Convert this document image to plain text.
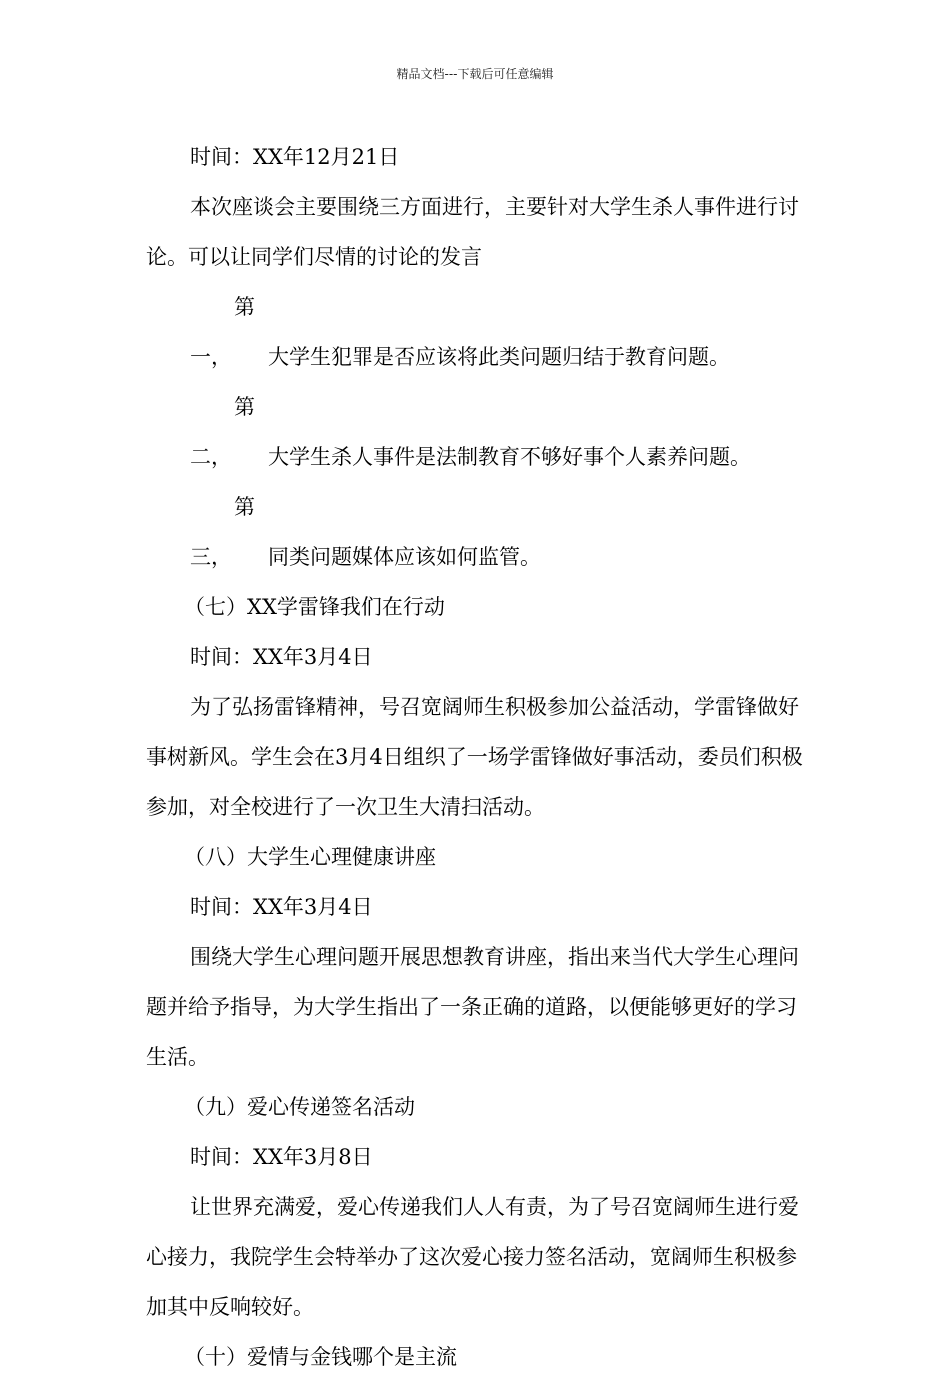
精品文档---下载后可任意编辑

时间：XX年12月21日

本次座谈会主要围绕三方面进行，主要针对大学生杀人事件进行讨论。可以让同学们尽情的讨论的发言

第一， 大学生犯罪是否应该将此类问题归结于教育问题。

第二， 大学生杀人事件是法制教育不够好事个人素养问题。

第三， 同类问题媒体应该如何监管。

（七）XX学雷锋我们在行动

时间：XX年3月4日

为了弘扬雷锋精神，号召宽阔师生积极参加公益活动，学雷锋做好事树新风。学生会在3月4日组织了一场学雷锋做好事活动，委员们积极参加，对全校进行了一次卫生大清扫活动。

（八）大学生心理健康讲座

时间：XX年3月4日

围绕大学生心理问题开展思想教育讲座，指出来当代大学生心理问题并给予指导，为大学生指出了一条正确的道路，以便能够更好的学习生活。

（九）爱心传递签名活动

时间：XX年3月8日

让世界充满爱，爱心传递我们人人有责，为了号召宽阔师生进行爱心接力，我院学生会特举办了这次爱心接力签名活动，宽阔师生积极参加其中反响较好。

（十）爱情与金钱哪个是主流
